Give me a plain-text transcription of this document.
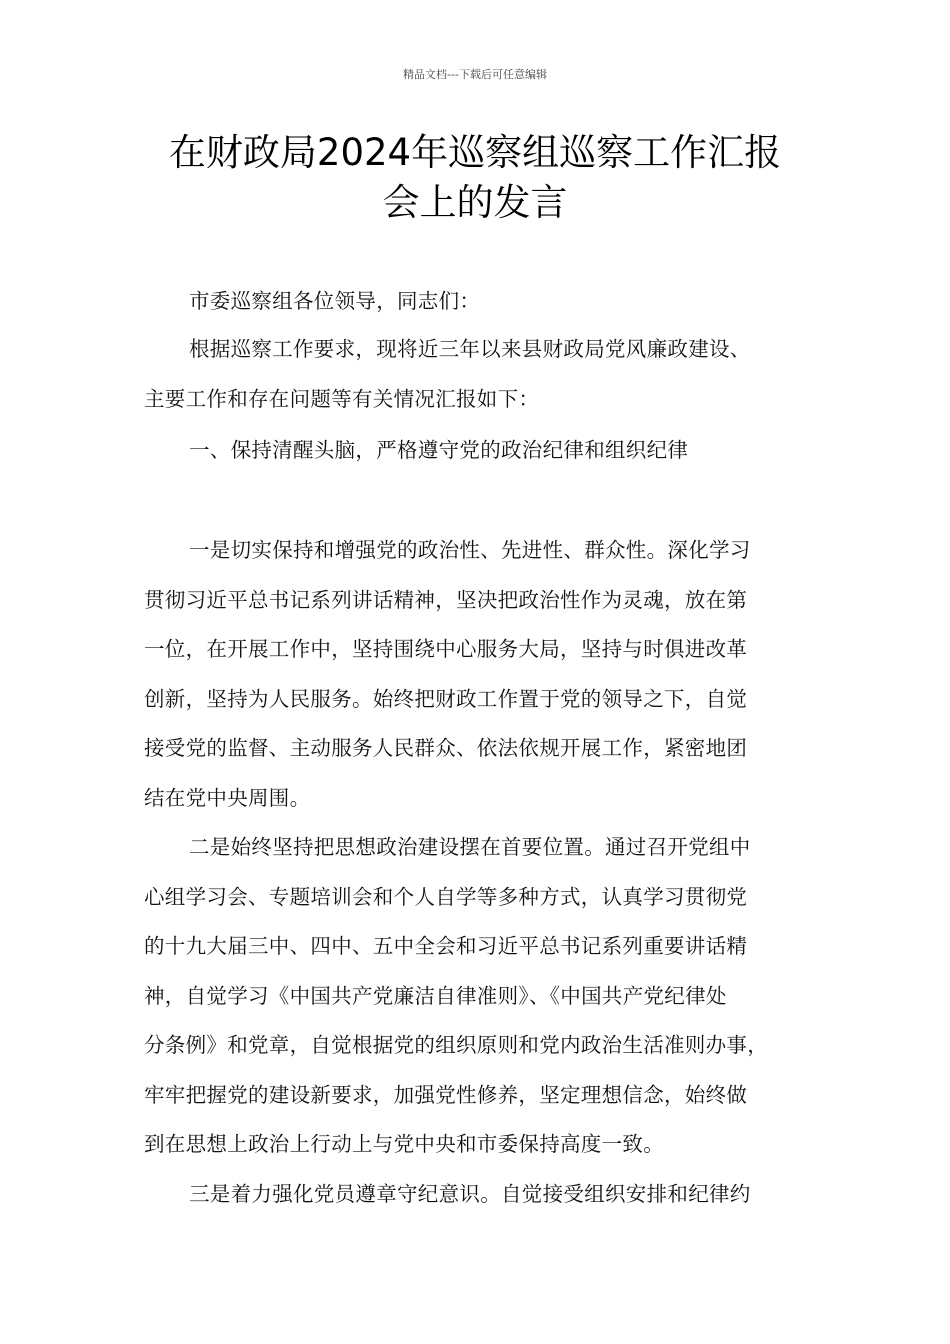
精品文档---下载后可任意编辑
在财政局2024年巡察组巡察工作汇报
会上的发言
市委巡察组各位领导，同志们：
根据巡察工作要求，现将近三年以来县财政局党风廉政建设、
主要工作和存在问题等有关情况汇报如下：
一、保持清醒头脑，严格遵守党的政治纪律和组织纪律
一是切实保持和增强党的政治性、先进性、群众性。深化学习
贯彻习近平总书记系列讲话精神，坚决把政治性作为灵魂，放在第
一位，在开展工作中，坚持围绕中心服务大局，坚持与时俱进改革
创新，坚持为人民服务。始终把财政工作置于党的领导之下，自觉
接受党的监督、主动服务人民群众、依法依规开展工作，紧密地团
结在党中央周围。
二是始终坚持把思想政治建设摆在首要位置。通过召开党组中
心组学习会、专题培训会和个人自学等多种方式，认真学习贯彻党
的十九大届三中、四中、五中全会和习近平总书记系列重要讲话精
神，自觉学习《中国共产党廉洁自律准则》、《中国共产党纪律处
分条例》和党章，自觉根据党的组织原则和党内政治生活准则办事，
牢牢把握党的建设新要求，加强党性修养，坚定理想信念，始终做
到在思想上政治上行动上与党中央和市委保持高度一致。
三是着力强化党员遵章守纪意识。自觉接受组织安排和纪律约
